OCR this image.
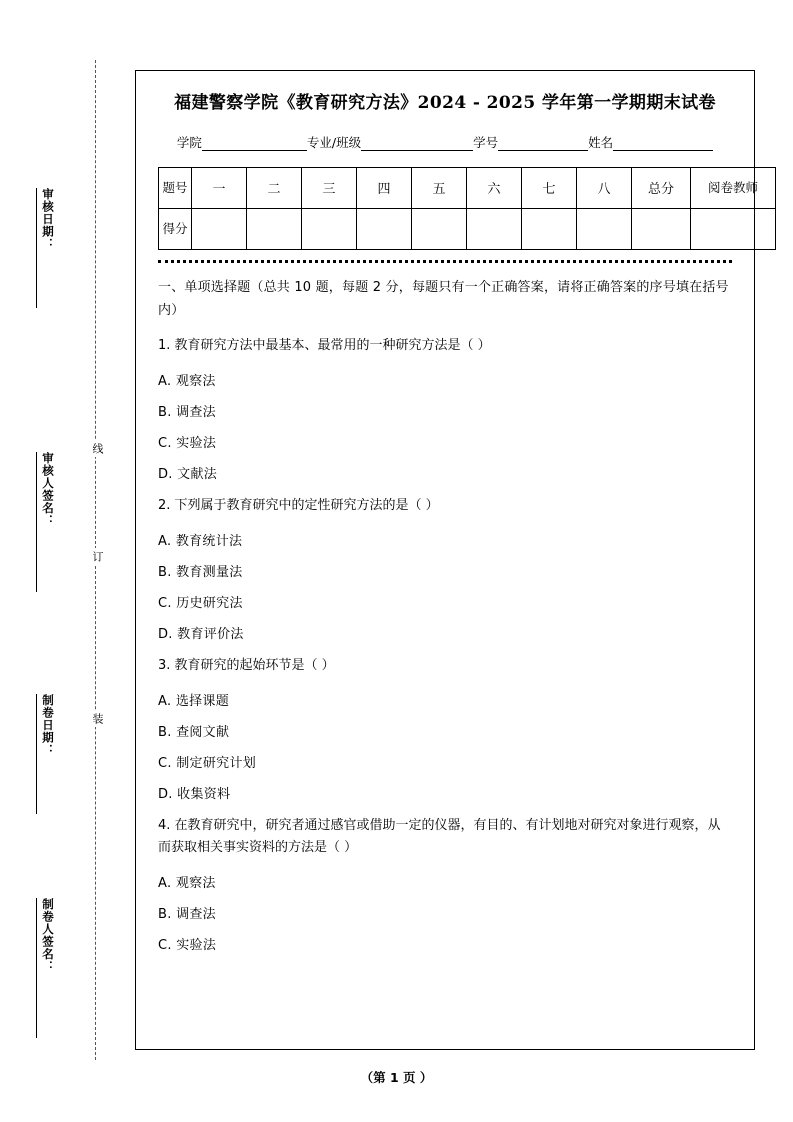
审核日期：
审核人签名：
制卷日期：
制卷人签名：
线
订
装
福建警察学院《教育研究方法》2024 - 2025 学年第一学期期末试卷
学院	专业/班级	学号	姓名
题号	一	二	三	四	五	六	七	八	总分	阅卷教师
得分										
一、单项选择题（总共 10 题，每题 2 分，每题只有一个正确答案，请将正确答案的序号填在括号内）
1. 教育研究方法中最基本、最常用的一种研究方法是（ ）
A. 观察法
B. 调查法
C. 实验法
D. 文献法
2. 下列属于教育研究中的定性研究方法的是（ ）
A. 教育统计法
B. 教育测量法
C. 历史研究法
D. 教育评价法
3. 教育研究的起始环节是（ ）
A. 选择课题
B. 查阅文献
C. 制定研究计划
D. 收集资料
4. 在教育研究中，研究者通过感官或借助一定的仪器，有目的、有计划地对研究对象进行观察，从而获取相关事实资料的方法是（ ）
A. 观察法
B. 调查法
C. 实验法
（第 1 页 ）
